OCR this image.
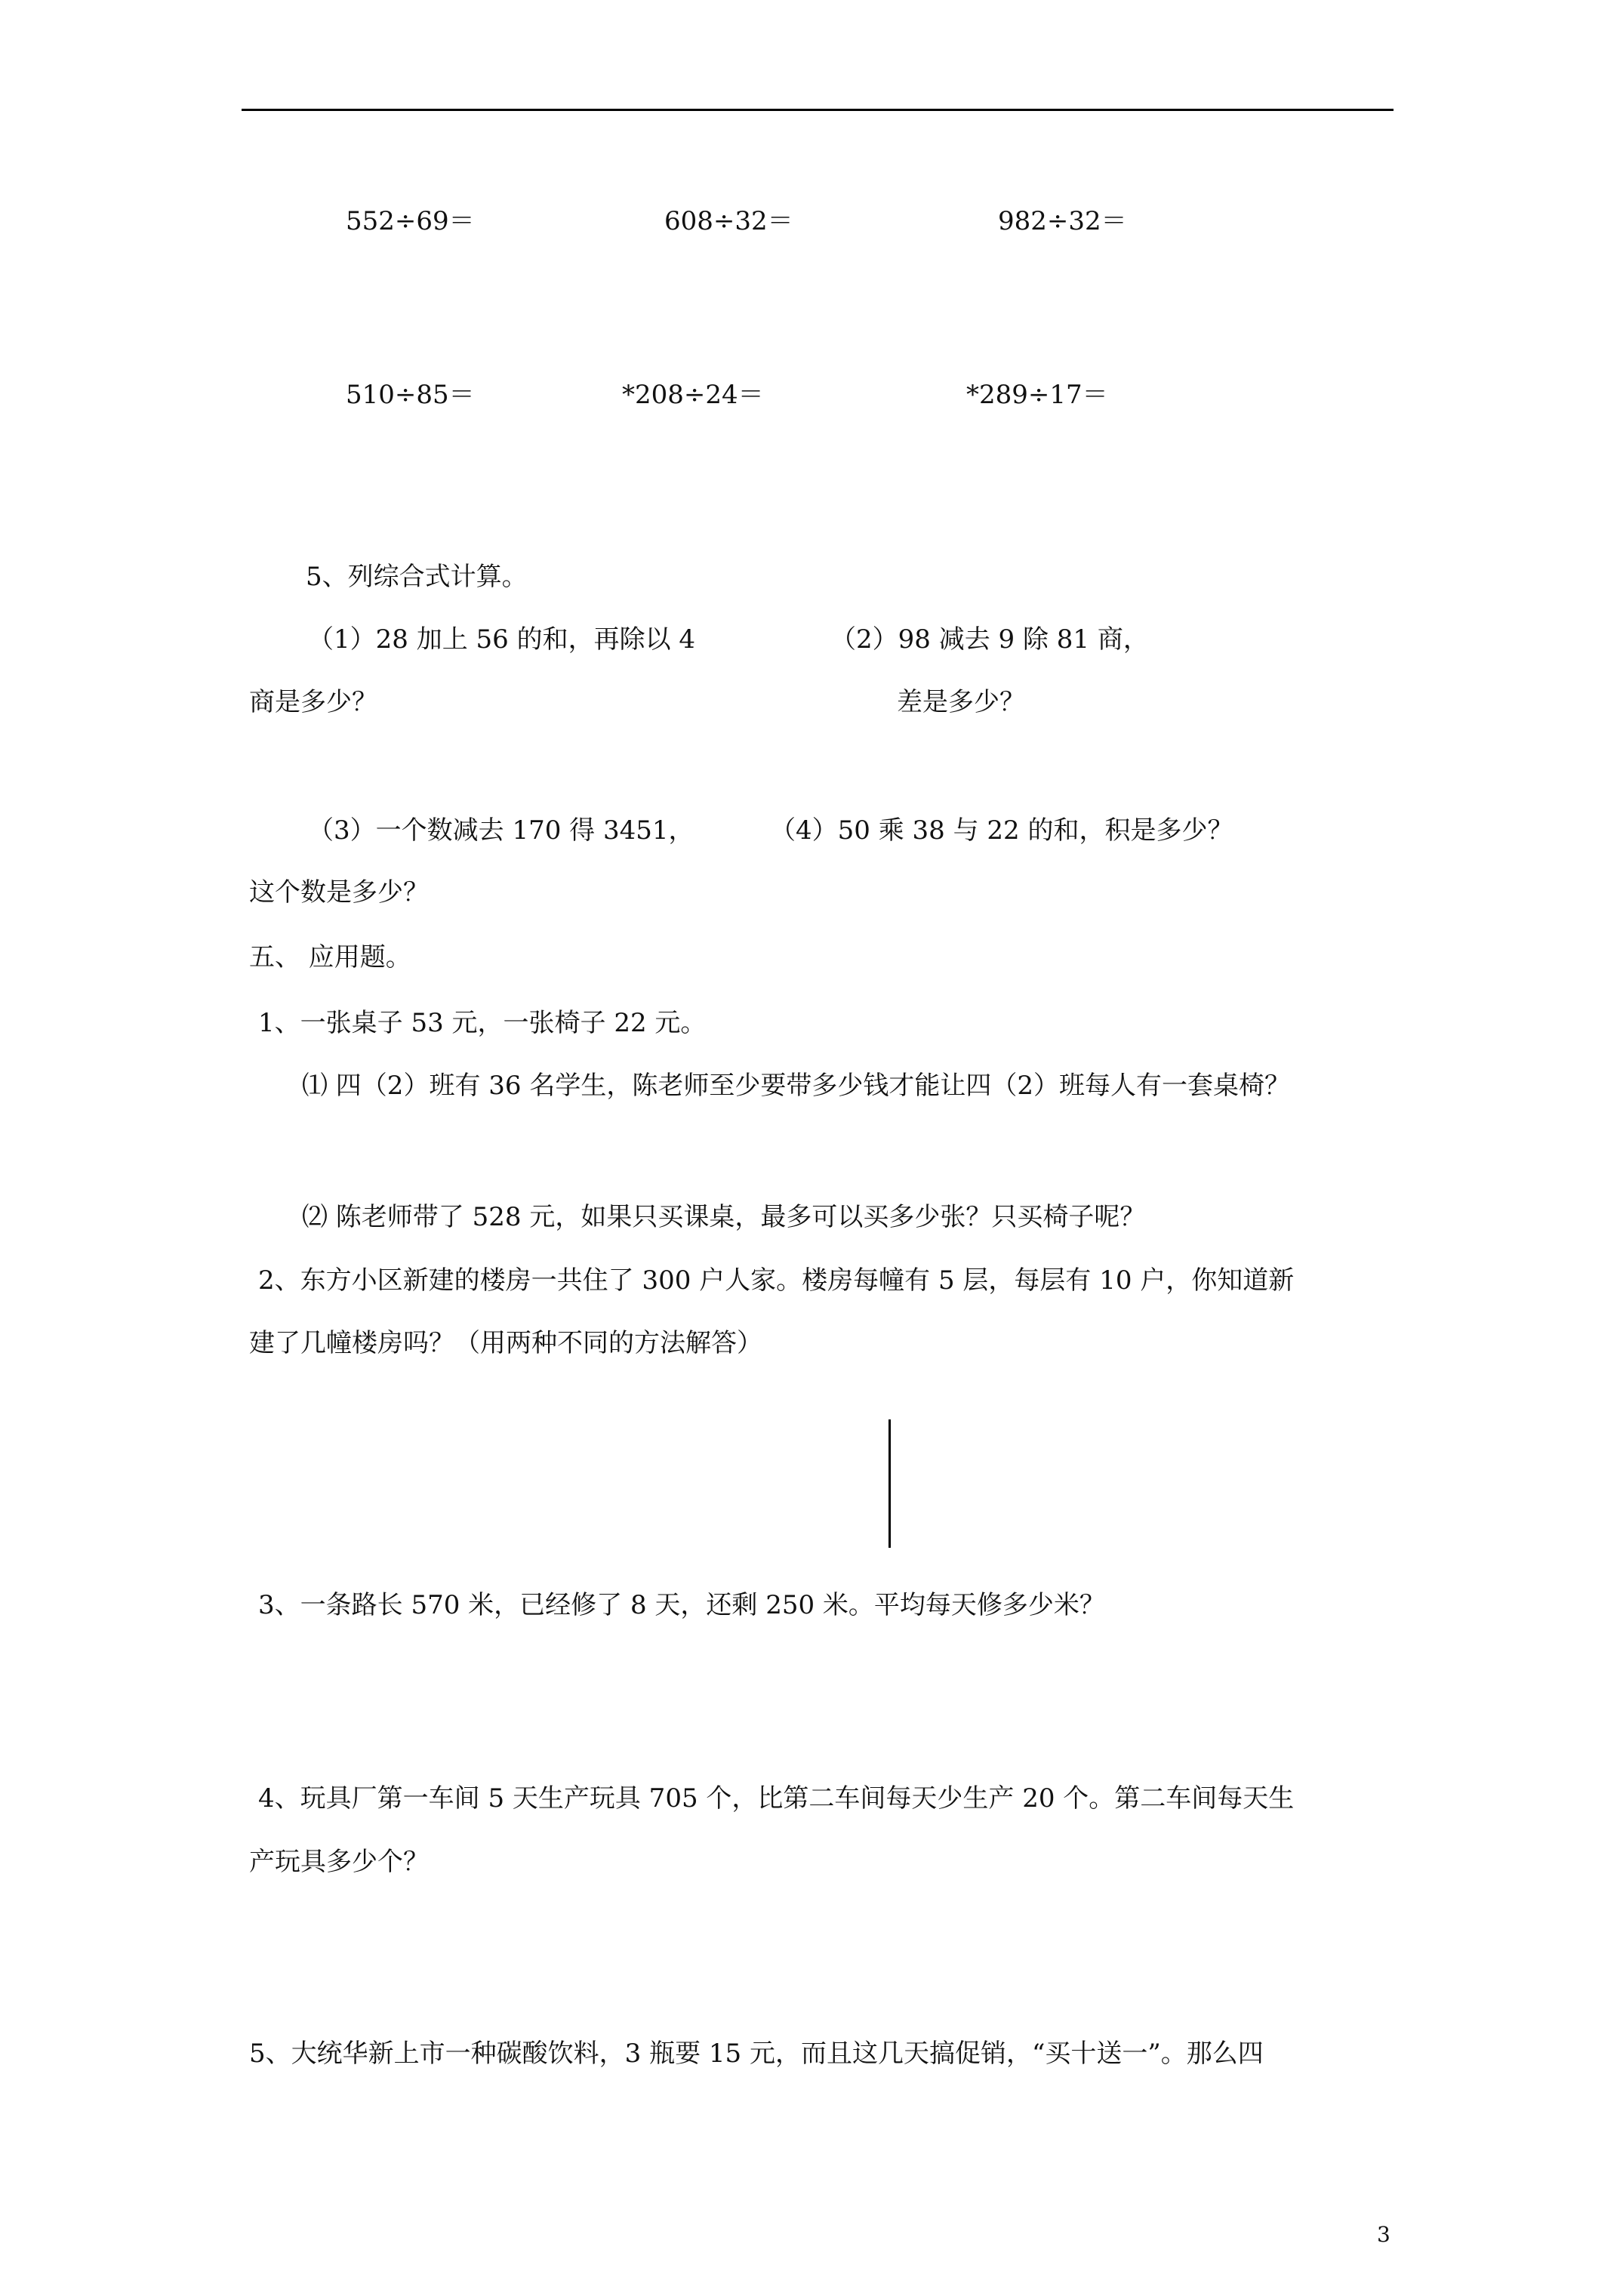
552÷69＝	608÷32＝	982÷32＝
510÷85＝	*208÷24＝	*289÷17＝
5、列综合式计算。
（1）28 加上 56 的和，再除以 4
商是多少？
（2）98 减去 9 除 81 商，
差是多少？
（3）一个数减去 170 得 3451，	（4）50 乘 38 与 22 的和，积是多少？
这个数是多少？
五、 应用题。
1、一张桌子 53 元，一张椅子 22 元。
⑴ 四（2）班有 36 名学生，陈老师至少要带多少钱才能让四（2）班每人有一套桌椅？
⑵ 陈老师带了 528 元，如果只买课桌，最多可以买多少张？只买椅子呢？
2、东方小区新建的楼房一共住了 300 户人家。楼房每幢有 5 层，每层有 10 户，你知道新
建了几幢楼房吗？（用两种不同的方法解答）
3、一条路长 570 米，已经修了 8 天，还剩 250 米。平均每天修多少米？
4、玩具厂第一车间 5 天生产玩具 705 个，比第二车间每天少生产 20 个。第二车间每天生
产玩具多少个？
5、大统华新上市一种碳酸饮料，3 瓶要 15 元，而且这几天搞促销，“买十送一”。那么四
3
